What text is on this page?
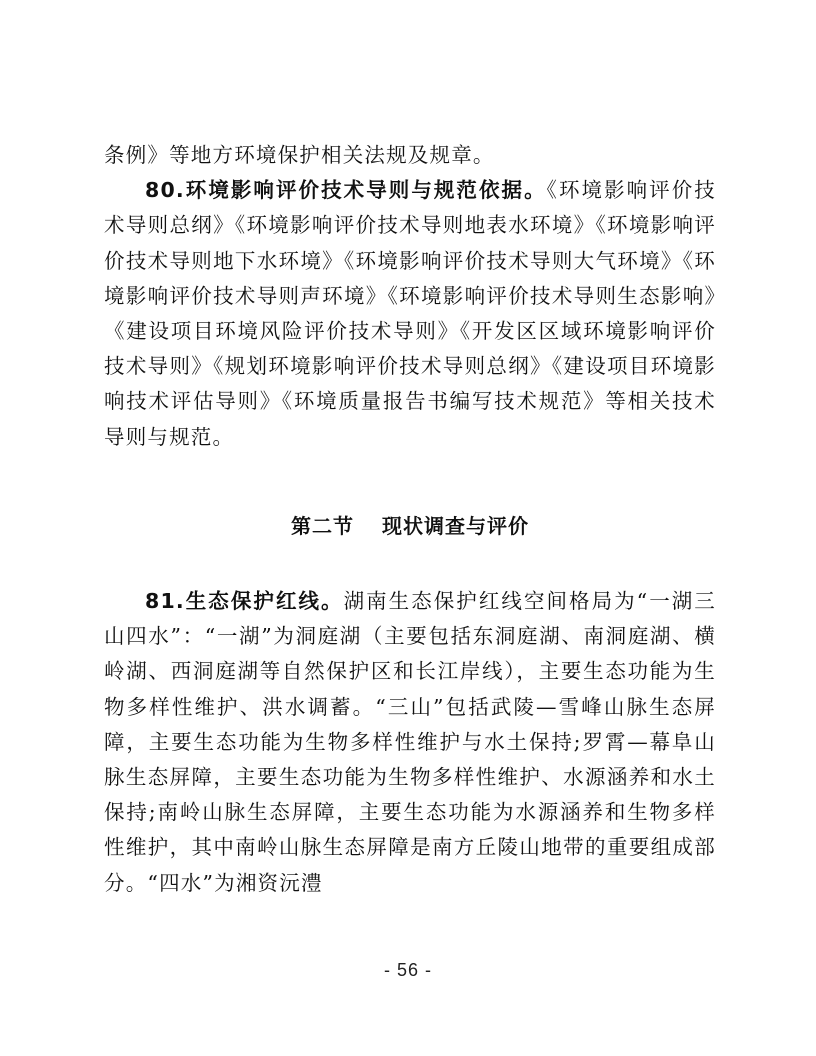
条例》等地方环境保护相关法规及规章。

80.环境影响评价技术导则与规范依据。《环境影响评价技术导则总纲》《环境影响评价技术导则地表水环境》《环境影响评价技术导则地下水环境》《环境影响评价技术导则大气环境》《环境影响评价技术导则声环境》《环境影响评价技术导则生态影响》《建设项目环境风险评价技术导则》《开发区区域环境影响评价技术导则》《规划环境影响评价技术导则总纲》《建设项目环境影响技术评估导则》《环境质量报告书编写技术规范》等相关技术导则与规范。

第二节 现状调查与评价

81.生态保护红线。湖南生态保护红线空间格局为“一湖三山四水”：“一湖”为洞庭湖（主要包括东洞庭湖、南洞庭湖、横岭湖、西洞庭湖等自然保护区和长江岸线），主要生态功能为生物多样性维护、洪水调蓄。“三山”包括武陵—雪峰山脉生态屏障，主要生态功能为生物多样性维护与水土保持;罗霄—幕阜山脉生态屏障，主要生态功能为生物多样性维护、水源涵养和水土保持;南岭山脉生态屏障，主要生态功能为水源涵养和生物多样性维护，其中南岭山脉生态屏障是南方丘陵山地带的重要组成部分。“四水”为湘资沅澧

- 56 -
